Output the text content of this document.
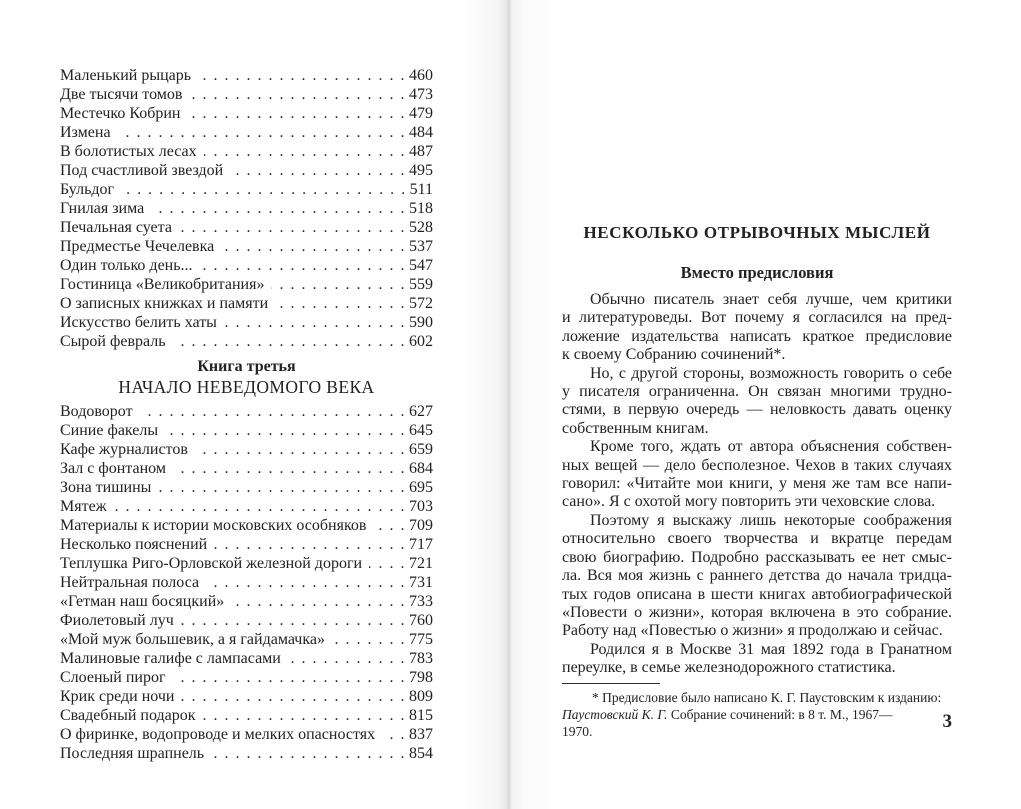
Маленький рыцарь . . .	460
Две тысячи томов . . .	473
Местечко Кобрин . . .	479
Измена . . .	484
В болотистых лесах . . .	487
Под счастливой звездой . . .	495
Бульдог . . .	511
Гнилая зима . . .	518
Печальная суета . . .	528
Предместье Чечелевка . . .	537
Один только день... . . .	547
Гостиница «Великобритания» . . .	559
О записных книжках и памяти . . .	572
Искусство белить хаты . . .	590
Сырой февраль . . .	602
Книга третья
НАЧАЛО НЕВЕДОМОГО ВЕКА
Водоворот . . .	627
Синие факелы . . .	645
Кафе журналистов . . .	659
Зал с фонтаном . . .	684
Зона тишины . . .	695
Мятеж . . .	703
Материалы к истории московских особняков . . .	709
Несколько пояснений . . .	717
Теплушка Риго-Орловской железной дороги . . .	721
Нейтральная полоса . . .	731
«Гетман наш босяцкий» . . .	733
Фиолетовый луч . . .	760
«Мой муж большевик, а я гайдамачка» . . .	775
Малиновые галифе с лампасами . . .	783
Слоеный пирог . . .	798
Крик среди ночи . . .	809
Свадебный подарок . . .	815
О фиринке, водопроводе и мелких опасностях . . . 837
Последняя шрапнель . . .	854
НЕСКОЛЬКО ОТРЫВОЧНЫХ МЫСЛЕЙ
Вместо предисловия
Обычно писатель знает себя лучше, чем критики
и литературоведы. Вот почему я согласился на пред-
ложение издательства написать краткое предисловие
к своему Собранию сочинений*.
Но, с другой стороны, возможность говорить о себе
у писателя ограниченна. Он связан многими трудно-
стями, в первую очередь — неловкость давать оценку
собственным книгам.
Кроме того, ждать от автора объяснения собствен-
ных вещей — дело бесполезное. Чехов в таких случаях
говорил: «Читайте мои книги, у меня же там все напи-
сано». Я с охотой могу повторить эти чеховские слова.
Поэтому я выскажу лишь некоторые соображения
относительно своего творчества и вкратце передам
свою биографию. Подробно рассказывать ее нет смыс-
ла. Вся моя жизнь с раннего детства до начала тридца-
тых годов описана в шести книгах автобиографической
«Повести о жизни», которая включена в это собрание.
Работу над «Повестью о жизни» я продолжаю и сейчас.
Родился я в Москве 31 мая 1892 года в Гранатном
переулке, в семье железнодорожного статистика.
* Предисловие было написано К. Г. Паустовским к изданию:
Паустовский К. Г. Собрание сочинений: в 8 т. М., 1967—
1970.	3
